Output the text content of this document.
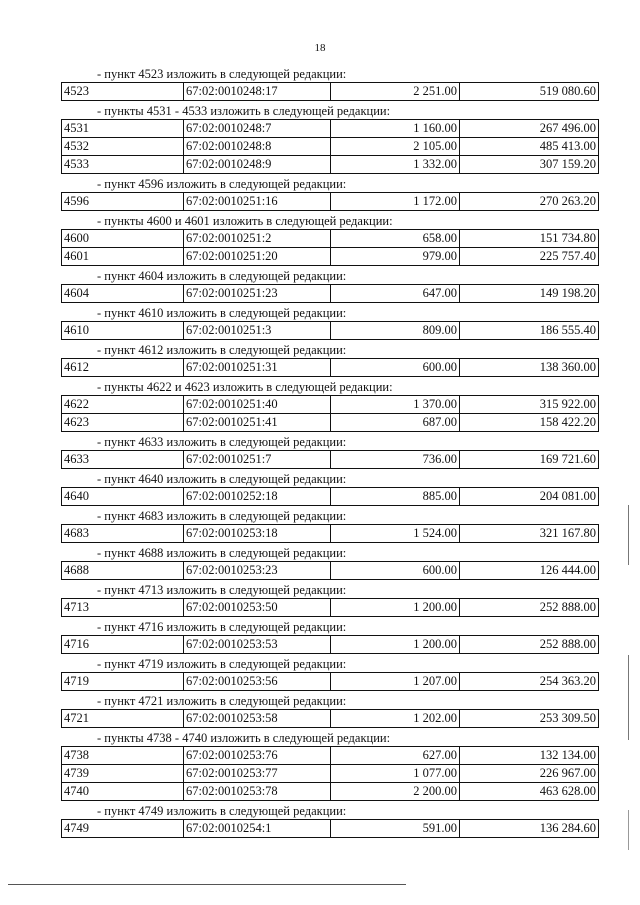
18
- пункт 4523 изложить в следующей редакции:
4523	67:02:0010248:17	2 251.00	519 080.60
- пункты 4531 - 4533 изложить в следующей редакции:
4531	67:02:0010248:7	1 160.00	267 496.00
4532	67:02:0010248:8	2 105.00	485 413.00
4533	67:02:0010248:9	1 332.00	307 159.20
- пункт 4596 изложить в следующей редакции:
4596	67:02:0010251:16	1 172.00	270 263.20
- пункты 4600 и 4601 изложить в следующей редакции:
4600	67:02:0010251:2	658.00	151 734.80
4601	67:02:0010251:20	979.00	225 757.40
- пункт 4604 изложить в следующей редакции:
4604	67:02:0010251:23	647.00	149 198.20
- пункт 4610 изложить в следующей редакции:
4610	67:02:0010251:3	809.00	186 555.40
- пункт 4612 изложить в следующей редакции:
4612	67:02:0010251:31	600.00	138 360.00
- пункты 4622 и 4623 изложить в следующей редакции:
4622	67:02:0010251:40	1 370.00	315 922.00
4623	67:02:0010251:41	687.00	158 422.20
- пункт 4633 изложить в следующей редакции:
4633	67:02:0010251:7	736.00	169 721.60
- пункт 4640 изложить в следующей редакции:
4640	67:02:0010252:18	885.00	204 081.00
- пункт 4683 изложить в следующей редакции:
4683	67:02:0010253:18	1 524.00	321 167.80
- пункт 4688 изложить в следующей редакции:
4688	67:02:0010253:23	600.00	126 444.00
- пункт 4713 изложить в следующей редакции:
4713	67:02:0010253:50	1 200.00	252 888.00
- пункт 4716 изложить в следующей редакции:
4716	67:02:0010253:53	1 200.00	252 888.00
- пункт 4719 изложить в следующей редакции:
4719	67:02:0010253:56	1 207.00	254 363.20
- пункт 4721 изложить в следующей редакции:
4721	67:02:0010253:58	1 202.00	253 309.50
- пункты 4738 - 4740 изложить в следующей редакции:
4738	67:02:0010253:76	627.00	132 134.00
4739	67:02:0010253:77	1 077.00	226 967.00
4740	67:02:0010253:78	2 200.00	463 628.00
- пункт 4749 изложить в следующей редакции:
4749	67:02:0010254:1	591.00	136 284.60
